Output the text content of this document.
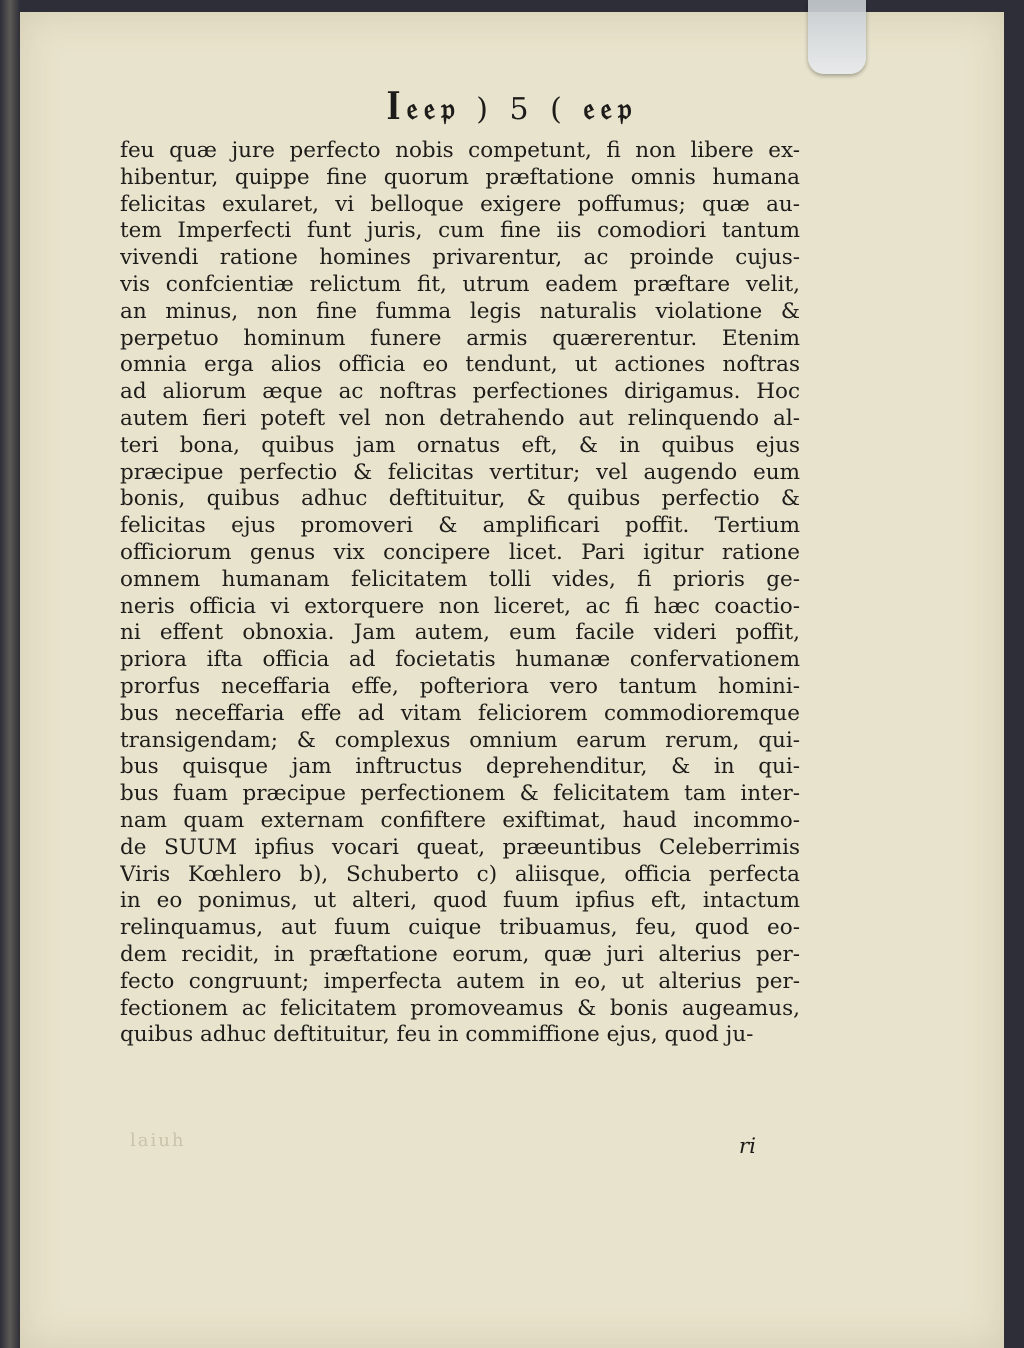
ꟾ𝔢𝔢𝔭 ) 5 ( 𝔢𝔢𝔭
feu quæ jure perfecto nobis competunt, fi non libere ex-
hibentur, quippe fine quorum præftatione omnis humana
felicitas exularet, vi belloque exigere poffumus; quæ au-
tem Imperfecti funt juris, cum fine iis comodiori tantum
vivendi ratione homines privarentur, ac proinde cujus-
vis confcientiæ relictum fit, utrum eadem præftare velit,
an minus, non fine fumma legis naturalis violatione &
perpetuo hominum funere armis quærerentur. Etenim
omnia erga alios officia eo tendunt, ut actiones noftras
ad aliorum æque ac noftras perfectiones dirigamus. Hoc
autem fieri poteft vel non detrahendo aut relinquendo al-
teri bona, quibus jam ornatus eft, & in quibus ejus
præcipue perfectio & felicitas vertitur; vel augendo eum
bonis, quibus adhuc deftituitur, & quibus perfectio &
felicitas ejus promoveri & amplificari poffit. Tertium
officiorum genus vix concipere licet. Pari igitur ratione
omnem humanam felicitatem tolli vides, fi prioris ge-
neris officia vi extorquere non liceret, ac fi hæc coactio-
ni effent obnoxia. Jam autem, eum facile videri poffit,
priora ifta officia ad focietatis humanæ confervationem
prorfus neceffaria effe, pofteriora vero tantum homini-
bus neceffaria effe ad vitam feliciorem commodioremque
transigendam; & complexus omnium earum rerum, qui-
bus quisque jam inftructus deprehenditur, & in qui-
bus fuam præcipue perfectionem & felicitatem tam inter-
nam quam externam confiftere exiftimat, haud incommo-
de SUUM ipfius vocari queat, præeuntibus Celeberrimis
Viris Kœhlero b), Schuberto c) aliisque, officia perfecta
in eo ponimus, ut alteri, quod fuum ipfius eft, intactum
relinquamus, aut fuum cuique tribuamus, feu, quod eo-
dem recidit, in præftatione eorum, quæ juri alterius per-
fecto congruunt; imperfecta autem in eo, ut alterius per-
fectionem ac felicitatem promoveamus & bonis augeamus,
quibus adhuc deftituitur, feu in commiffione ejus, quod ju-
laiuh	ri
